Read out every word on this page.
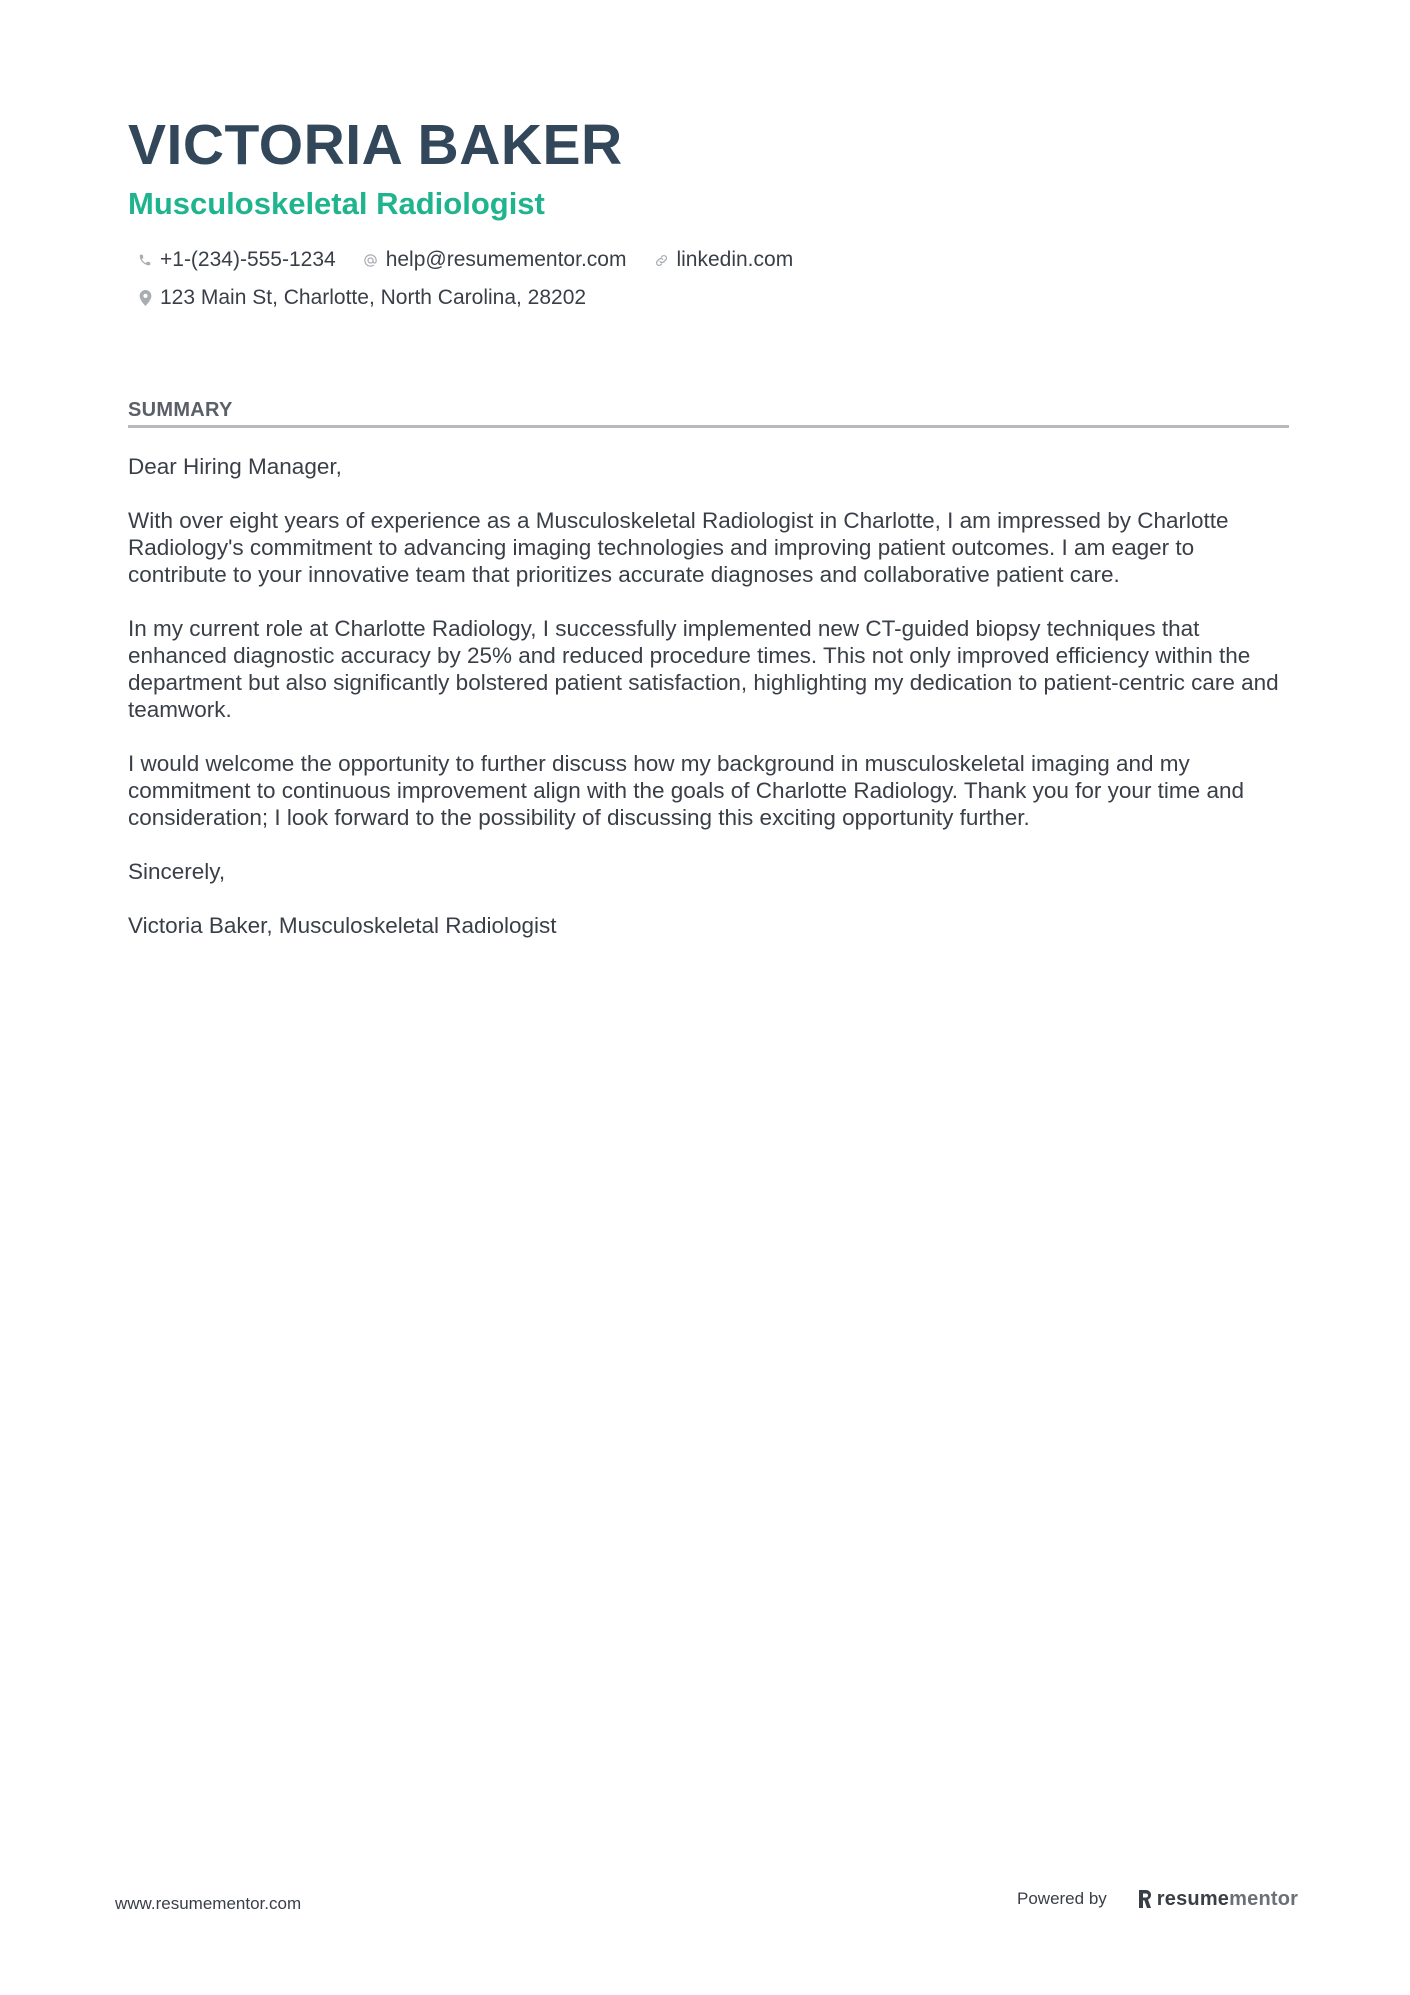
VICTORIA BAKER
Musculoskeletal Radiologist
+1-(234)-555-1234 help@resumementor.com linkedin.com
123 Main St, Charlotte, North Carolina, 28202
SUMMARY

Dear Hiring Manager,

With over eight years of experience as a Musculoskeletal Radiologist in Charlotte, I am impressed by Charlotte Radiology's commitment to advancing imaging technologies and improving patient outcomes. I am eager to contribute to your innovative team that prioritizes accurate diagnoses and collaborative patient care.

In my current role at Charlotte Radiology, I successfully implemented new CT-guided biopsy techniques that enhanced diagnostic accuracy by 25% and reduced procedure times. This not only improved efficiency within the department but also significantly bolstered patient satisfaction, highlighting my dedication to patient-centric care and teamwork.

I would welcome the opportunity to further discuss how my background in musculoskeletal imaging and my commitment to continuous improvement align with the goals of Charlotte Radiology. Thank you for your time and consideration; I look forward to the possibility of discussing this exciting opportunity further.

Sincerely,

Victoria Baker, Musculoskeletal Radiologist

www.resumementor.com	Powered by	resume mentor
